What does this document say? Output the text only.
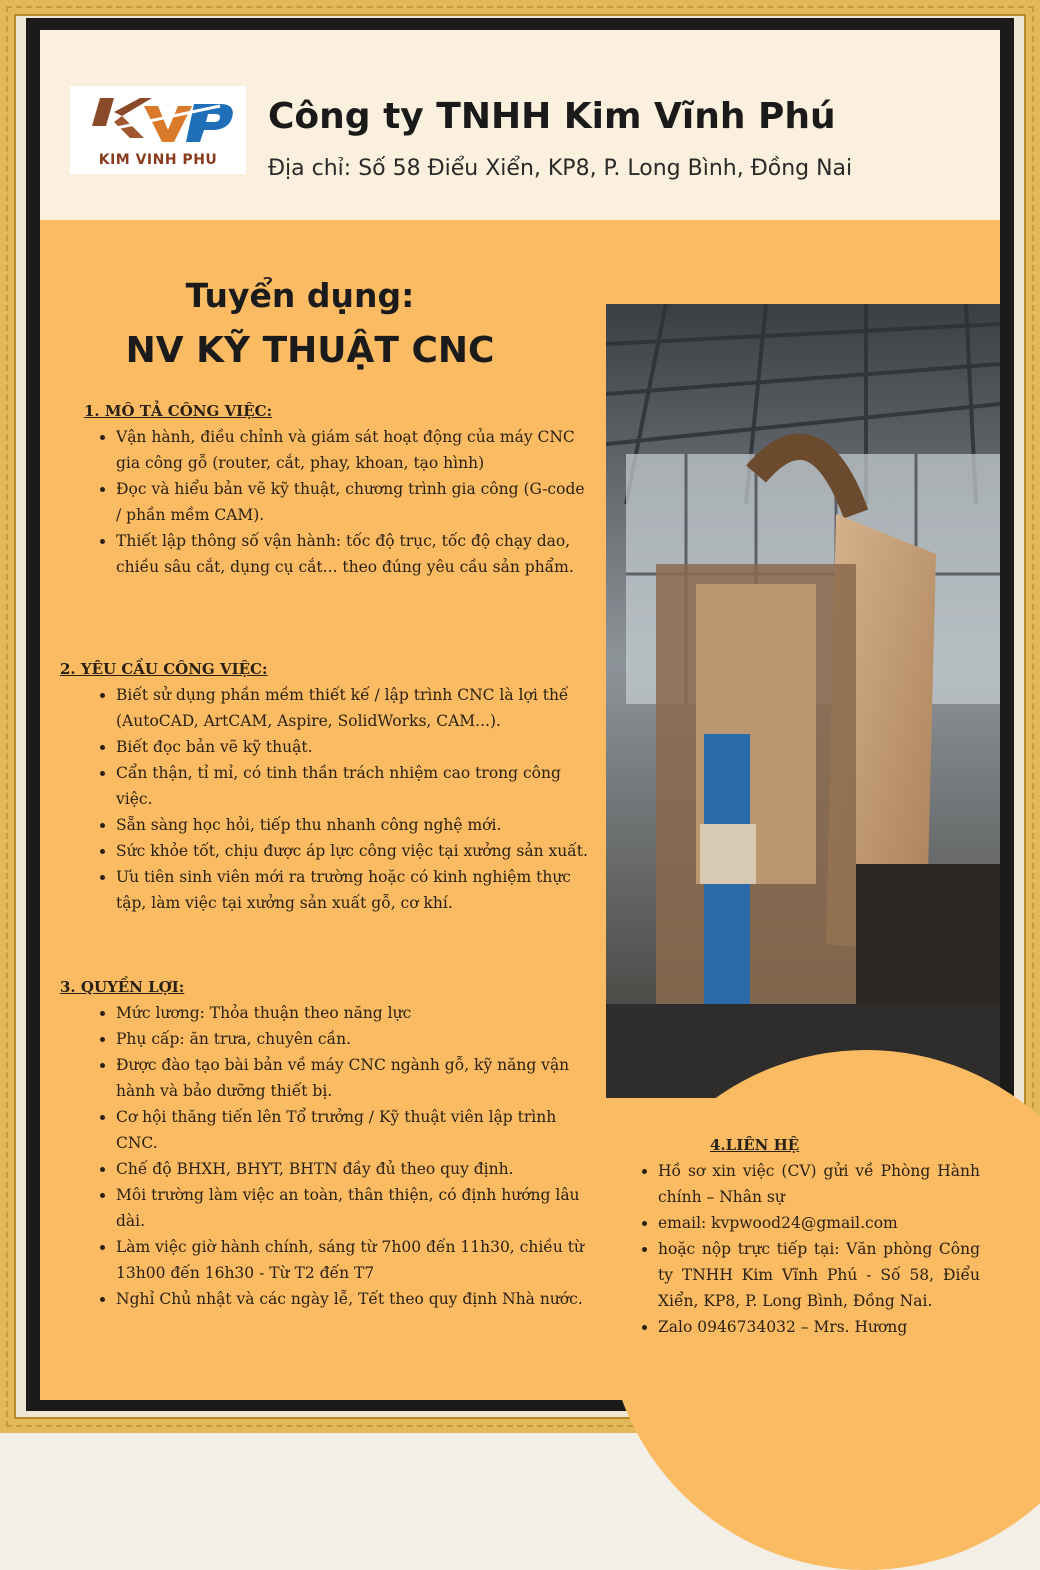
KIM VINH PHU
Công ty TNHH Kim Vĩnh Phú
Địa chỉ: Số 58 Điểu Xiển, KP8, P. Long Bình, Đồng Nai
Tuyển dụng:
NV KỸ THUẬT CNC
1. MÔ TẢ CÔNG VIỆC:
• Vận hành, điều chỉnh và giám sát hoạt động của máy CNC gia công gỗ (router, cắt, phay, khoan, tạo hình)
• Đọc và hiểu bản vẽ kỹ thuật, chương trình gia công (G-code / phần mềm CAM).
• Thiết lập thông số vận hành: tốc độ trục, tốc độ chạy dao, chiều sâu cắt, dụng cụ cắt... theo đúng yêu cầu sản phẩm.
2. YÊU CẦU CÔNG VIỆC:
• Biết sử dụng phần mềm thiết kế / lập trình CNC là lợi thế (AutoCAD, ArtCAM, Aspire, SolidWorks, CAM...).
• Biết đọc bản vẽ kỹ thuật.
• Cẩn thận, tỉ mỉ, có tinh thần trách nhiệm cao trong công việc.
• Sẵn sàng học hỏi, tiếp thu nhanh công nghệ mới.
• Sức khỏe tốt, chịu được áp lực công việc tại xưởng sản xuất.
• Ưu tiên sinh viên mới ra trường hoặc có kinh nghiệm thực tập, làm việc tại xưởng sản xuất gỗ, cơ khí.
3. QUYỀN LỢI:
• Mức lương: Thỏa thuận theo năng lực
• Phụ cấp: ăn trưa, chuyên cần.
• Được đào tạo bài bản về máy CNC ngành gỗ, kỹ năng vận hành và bảo dưỡng thiết bị.
• Cơ hội thăng tiến lên Tổ trưởng / Kỹ thuật viên lập trình CNC.
• Chế độ BHXH, BHYT, BHTN đầy đủ theo quy định.
• Môi trường làm việc an toàn, thân thiện, có định hướng lâu dài.
• Làm việc giờ hành chính, sáng từ 7h00 đến 11h30, chiều từ 13h00 đến 16h30 - Từ T2 đến T7
• Nghỉ Chủ nhật và các ngày lễ, Tết theo quy định Nhà nước.
4.LIÊN HỆ
• Hồ sơ xin việc (CV) gửi về Phòng Hành chính – Nhân sự
• email: kvpwood24@gmail.com
• hoặc nộp trực tiếp tại: Văn phòng Công ty TNHH Kim Vĩnh Phú - Số 58, Điểu Xiển, KP8, P. Long Bình, Đồng Nai.
• Zalo 0946734032 – Mrs. Hương
